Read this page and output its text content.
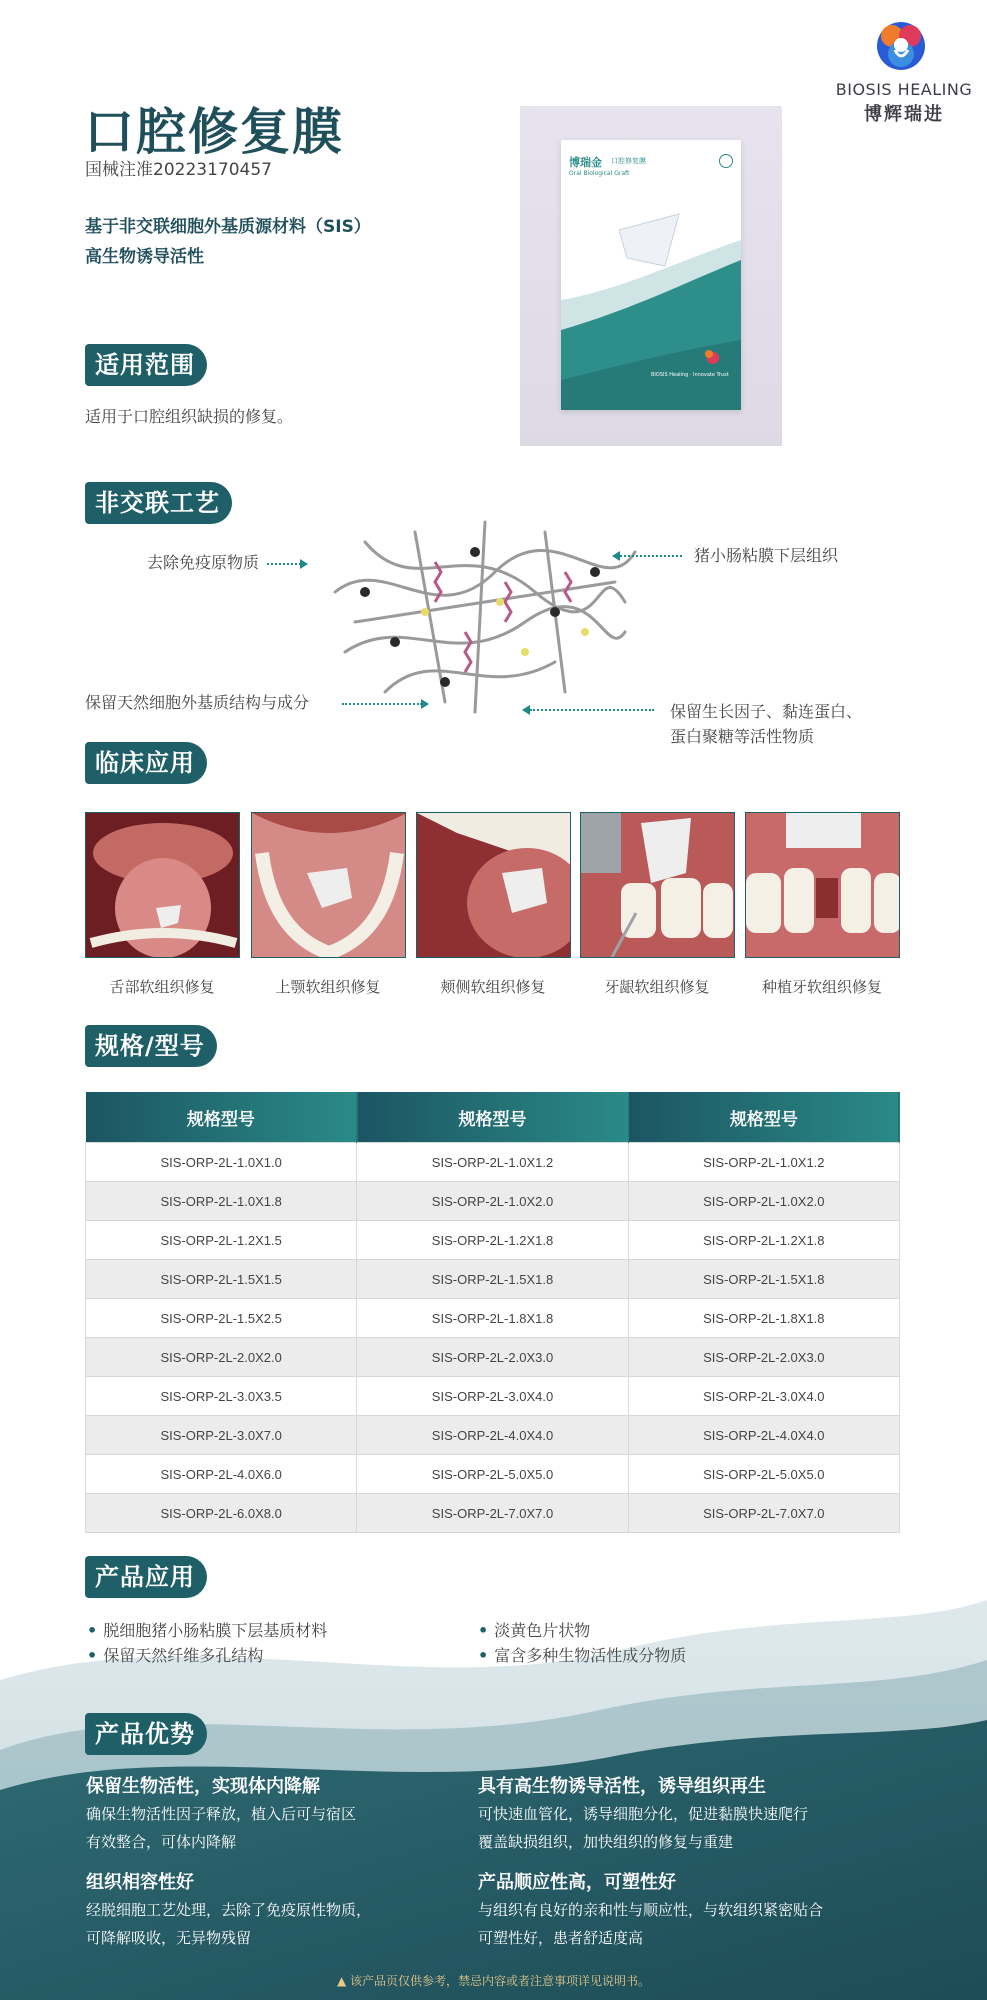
BIOSIS HEALING
博辉瑞进
口腔修复膜
国械注准20223170457
基于非交联细胞外基质源材料（SIS）
高生物诱导活性
博瑞金 口腔修复膜
Oral Biological Graft
BIOSIS Healing · Innovate Trust
适用范围
适用于口腔组织缺损的修复。
非交联工艺
去除免疫原物质	猪小肠粘膜下层组织
保留天然细胞外基质结构与成分	保留生长因子、黏连蛋白、
蛋白聚糖等活性物质
临床应用
舌部软组织修复	上颚软组织修复	颊侧软组织修复	牙龈软组织修复	种植牙软组织修复
规格/型号
规格型号	规格型号	规格型号
SIS-ORP-2L-1.0X1.0	SIS-ORP-2L-1.0X1.2	SIS-ORP-2L-1.0X1.2
SIS-ORP-2L-1.0X1.8	SIS-ORP-2L-1.0X2.0	SIS-ORP-2L-1.0X2.0
SIS-ORP-2L-1.2X1.5	SIS-ORP-2L-1.2X1.8	SIS-ORP-2L-1.2X1.8
SIS-ORP-2L-1.5X1.5	SIS-ORP-2L-1.5X1.8	SIS-ORP-2L-1.5X1.8
SIS-ORP-2L-1.5X2.5	SIS-ORP-2L-1.8X1.8	SIS-ORP-2L-1.8X1.8
SIS-ORP-2L-2.0X2.0	SIS-ORP-2L-2.0X3.0	SIS-ORP-2L-2.0X3.0
SIS-ORP-2L-3.0X3.5	SIS-ORP-2L-3.0X4.0	SIS-ORP-2L-3.0X4.0
SIS-ORP-2L-3.0X7.0	SIS-ORP-2L-4.0X4.0	SIS-ORP-2L-4.0X4.0
SIS-ORP-2L-4.0X6.0	SIS-ORP-2L-5.0X5.0	SIS-ORP-2L-5.0X5.0
SIS-ORP-2L-6.0X8.0	SIS-ORP-2L-7.0X7.0	SIS-ORP-2L-7.0X7.0
产品应用
• 脱细胞猪小肠粘膜下层基质材料
• 保留天然纤维多孔结构
• 淡黄色片状物
• 富含多种生物活性成分物质
产品优势
保留生物活性，实现体内降解
确保生物活性因子释放，植入后可与宿区
有效整合，可体内降解
具有高生物诱导活性，诱导组织再生
可快速血管化，诱导细胞分化，促进黏膜快速爬行
覆盖缺损组织，加快组织的修复与重建
组织相容性好
经脱细胞工艺处理，去除了免疫原性物质，
可降解吸收，无异物残留
产品顺应性高，可塑性好
与组织有良好的亲和性与顺应性，与软组织紧密贴合
可塑性好，患者舒适度高
▲ 该产品页仅供参考，禁忌内容或者注意事项详见说明书。
